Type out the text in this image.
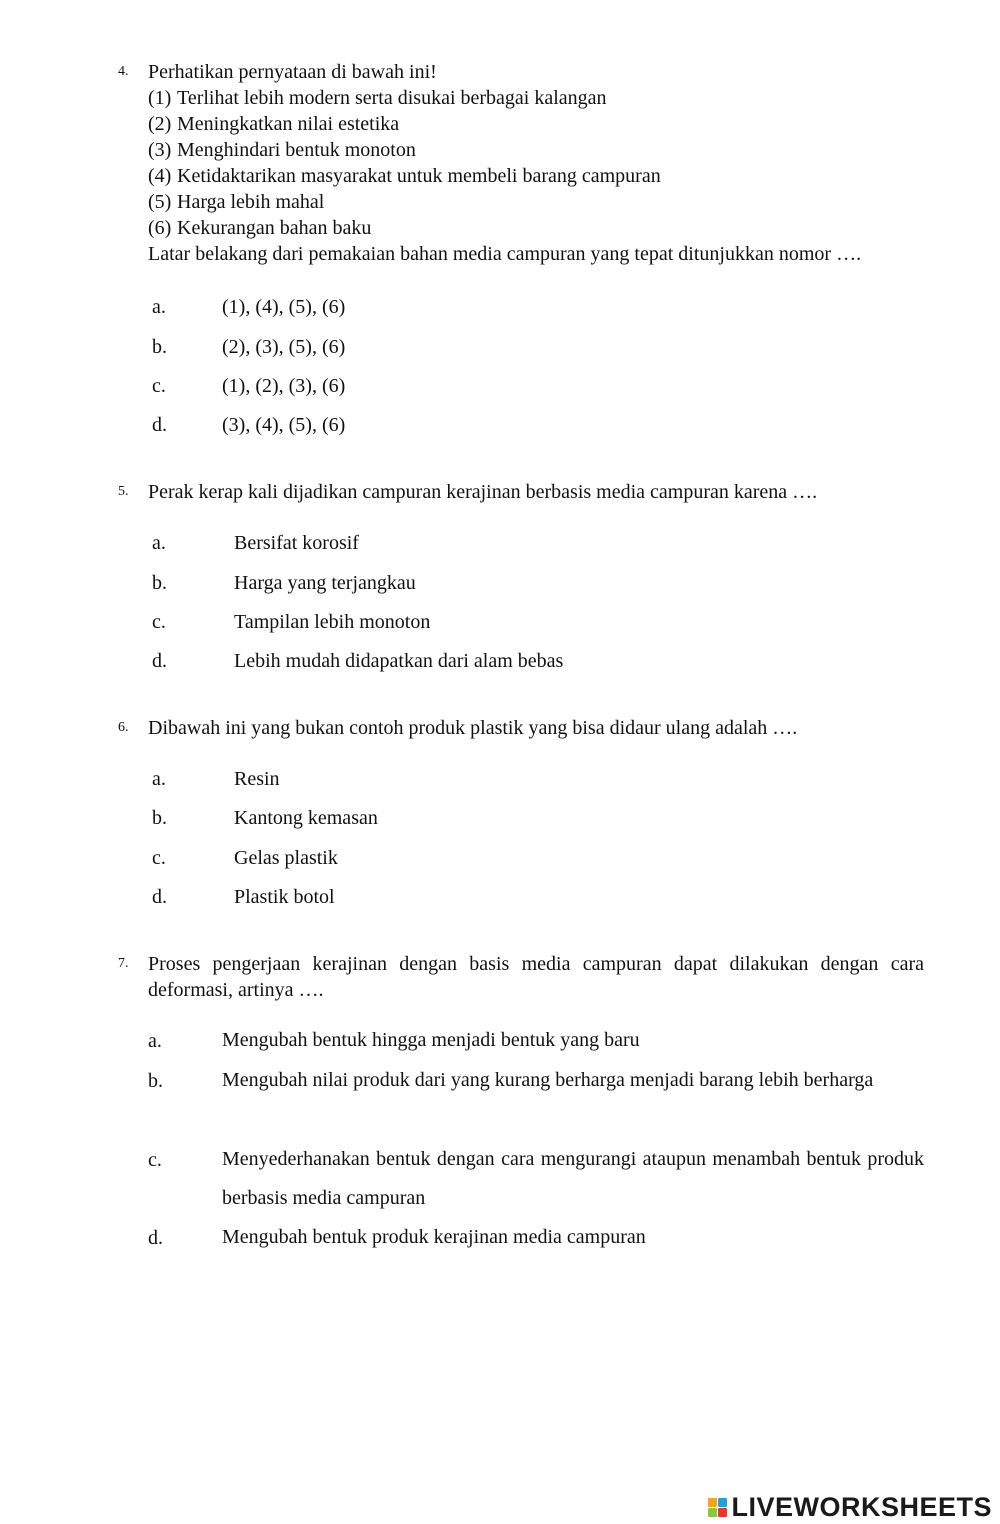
4. Perhatikan pernyataan di bawah ini!
(1) Terlihat lebih modern serta disukai berbagai kalangan
(2) Meningkatkan nilai estetika
(3) Menghindari bentuk monoton
(4) Ketidaktarikan masyarakat untuk membeli barang campuran
(5) Harga lebih mahal
(6) Kekurangan bahan baku
Latar belakang dari pemakaian bahan media campuran yang tepat ditunjukkan nomor ….
a.	(1), (4), (5), (6)
b.	(2), (3), (5), (6)
c.	(1), (2), (3), (6)
d.	(3), (4), (5), (6)
5. Perak kerap kali dijadikan campuran kerajinan berbasis media campuran karena ….
a.	Bersifat korosif
b.	Harga yang terjangkau
c.	Tampilan lebih monoton
d.	Lebih mudah didapatkan dari alam bebas
6. Dibawah ini yang bukan contoh produk plastik yang bisa didaur ulang adalah ….
a.	Resin
b.	Kantong kemasan
c.	Gelas plastik
d.	Plastik botol
7. Proses pengerjaan kerajinan dengan basis media campuran dapat dilakukan dengan cara deformasi, artinya ….
a.	Mengubah bentuk hingga menjadi bentuk yang baru
b.	Mengubah nilai produk dari yang kurang berharga menjadi barang lebih berharga
c.	Menyederhanakan bentuk dengan cara mengurangi ataupun menambah bentuk produk berbasis media campuran
d.	Mengubah bentuk produk kerajinan media campuran
LIVEWORKSHEETS
